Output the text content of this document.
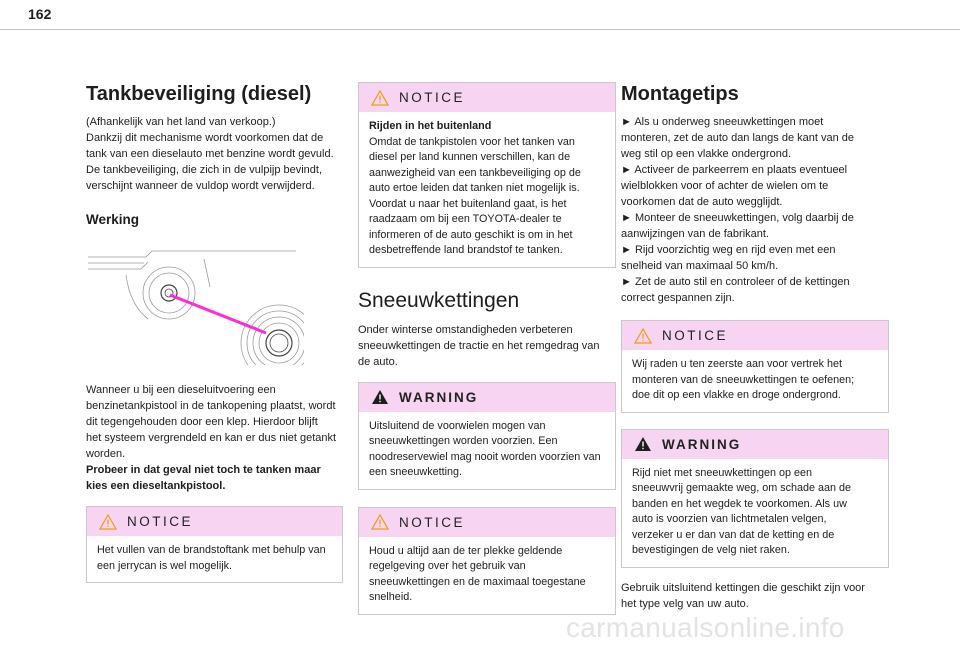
162
Tankbeveiliging (diesel)

(Afhankelijk van het land van verkoop.)

Dankzij dit mechanisme wordt voorkomen dat de

tank van een dieselauto met benzine wordt gevuld.

De tankbeveiliging, die zich in de vulpijp bevindt,

verschijnt wanneer de vuldop wordt verwijderd.

Werking

Wanneer u bij een dieseluitvoering een

benzinetankpistool in de tankopening plaatst, wordt

dit tegengehouden door een klep. Hierdoor blijft

het systeem vergrendeld en kan er dus niet getankt

worden.

Probeer in dat geval niet toch te tanken maar

kies een dieseltankpistool.

NOTICE

Het vullen van de brandstoftank met behulp van

een jerrycan is wel mogelijk.

NOTICE

Rijden in het buitenland

Omdat de tankpistolen voor het tanken van

diesel per land kunnen verschillen, kan de

aanwezigheid van een tankbeveiliging op de

auto ertoe leiden dat tanken niet mogelijk is.

Voordat u naar het buitenland gaat, is het

raadzaam om bij een TOYOTA-dealer te

informeren of de auto geschikt is om in het

desbetreffende land brandstof te tanken.

Sneeuwkettingen

Onder winterse omstandigheden verbeteren

sneeuwkettingen de tractie en het remgedrag van

de auto.

WARNING

Uitsluitend de voorwielen mogen van

sneeuwkettingen worden voorzien. Een

noodreservewiel mag nooit worden voorzien van

een sneeuwketting.

NOTICE

Houd u altijd aan de ter plekke geldende

regelgeving over het gebruik van

sneeuwkettingen en de maximaal toegestane

snelheid.

Montagetips

► Als u onderweg sneeuwkettingen moet

monteren, zet de auto dan langs de kant van de

weg stil op een vlakke ondergrond.

► Activeer de parkeerrem en plaats eventueel

wielblokken voor of achter de wielen om te

voorkomen dat de auto wegglijdt.

► Monteer de sneeuwkettingen, volg daarbij de

aanwijzingen van de fabrikant.

► Rijd voorzichtig weg en rijd even met een

snelheid van maximaal 50 km/h.

► Zet de auto stil en controleer of de kettingen

correct gespannen zijn.

NOTICE

Wij raden u ten zeerste aan voor vertrek het

monteren van de sneeuwkettingen te oefenen;

doe dit op een vlakke en droge ondergrond.

WARNING

Rijd niet met sneeuwkettingen op een

sneeuwvrij gemaakte weg, om schade aan de

banden en het wegdek te voorkomen. Als uw

auto is voorzien van lichtmetalen velgen,

verzeker u er dan van dat de ketting en de

bevestigingen de velg niet raken.

Gebruik uitsluitend kettingen die geschikt zijn voor

het type velg van uw auto.

carmanualsonline.info
